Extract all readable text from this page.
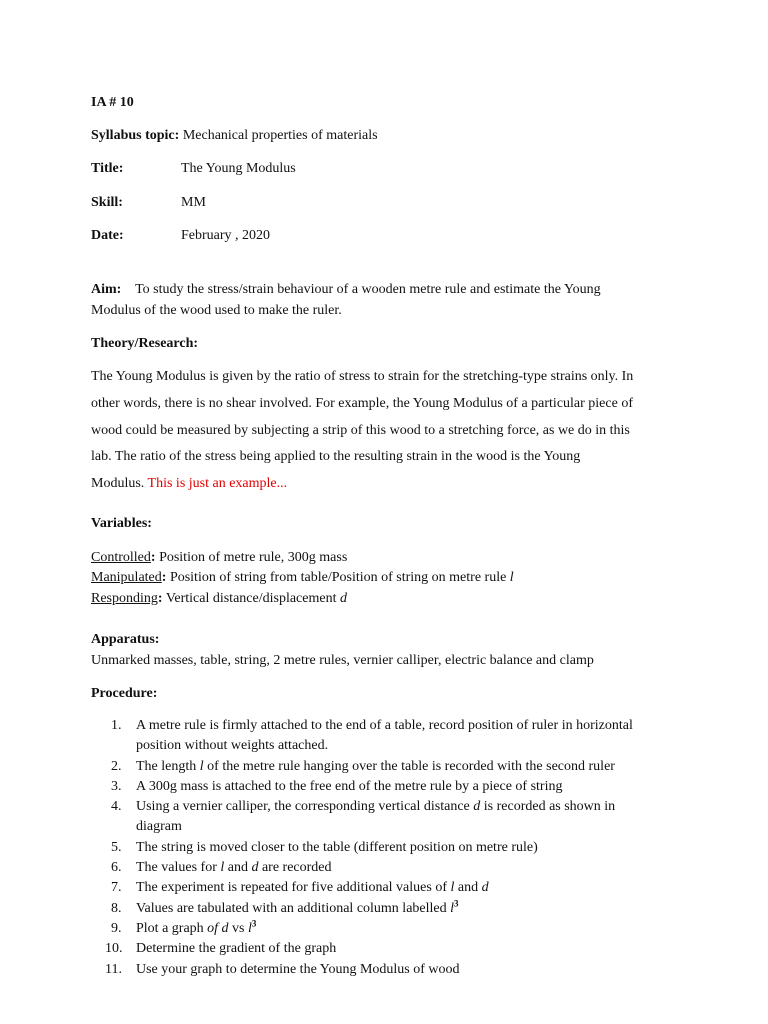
IA # 10
Syllabus topic: Mechanical properties of materials
Title:	The Young Modulus
Skill:	MM
Date:	February , 2020
Aim: To study the stress/strain behaviour of a wooden metre rule and estimate the Young
Modulus of the wood used to make the ruler.
Theory/Research:
The Young Modulus is given by the ratio of stress to strain for the stretching-type strains only. In
other words, there is no shear involved. For example, the Young Modulus of a particular piece of
wood could be measured by subjecting a strip of this wood to a stretching force, as we do in this
lab. The ratio of the stress being applied to the resulting strain in the wood is the Young
Modulus. This is just an example...
Variables:
Controlled: Position of metre rule, 300g mass
Manipulated: Position of string from table/Position of string on metre rule l
Responding: Vertical distance/displacement d
Apparatus:
Unmarked masses, table, string, 2 metre rules, vernier calliper, electric balance and clamp
Procedure:
1.	A metre rule is firmly attached to the end of a table, record position of ruler in horizontal
position without weights attached.
2.	The length l of the metre rule hanging over the table is recorded with the second ruler
3.	A 300g mass is attached to the free end of the metre rule by a piece of string
4.	Using a vernier calliper, the corresponding vertical distance d is recorded as shown in
diagram
5.	The string is moved closer to the table (different position on metre rule)
6.	The values for l and d are recorded
7.	The experiment is repeated for five additional values of l and d
8.	Values are tabulated with an additional column labelled $l^3$
9.	Plot a graph of d vs $l^3$
10. Determine the gradient of the graph
11.	Use your graph to determine the Young Modulus of wood
